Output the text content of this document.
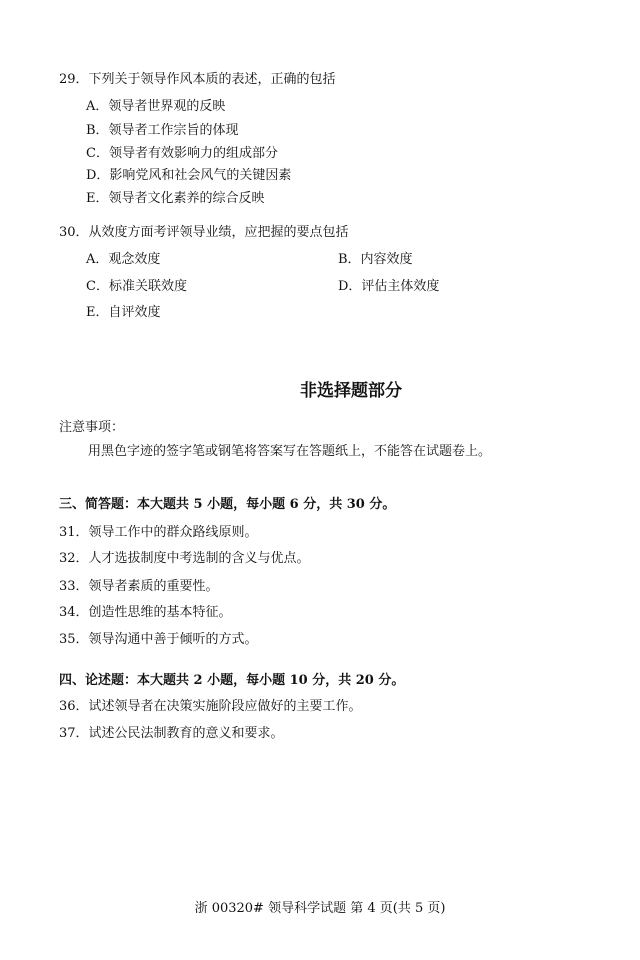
29．下列关于领导作风本质的表述，正确的包括
A．领导者世界观的反映
B．领导者工作宗旨的体现
C．领导者有效影响力的组成部分
D．影响党风和社会风气的关键因素
E．领导者文化素养的综合反映
30．从效度方面考评领导业绩，应把握的要点包括
A．观念效度	B．内容效度
C．标准关联效度	D．评估主体效度
E．自评效度
非选择题部分
注意事项：
用黑色字迹的签字笔或钢笔将答案写在答题纸上，不能答在试题卷上。
三、简答题：本大题共 5 小题，每小题 6 分，共 30 分。
31．领导工作中的群众路线原则。
32．人才选拔制度中考选制的含义与优点。
33．领导者素质的重要性。
34．创造性思维的基本特征。
35．领导沟通中善于倾听的方式。
四、论述题：本大题共 2 小题，每小题 10 分，共 20 分。
36．试述领导者在决策实施阶段应做好的主要工作。
37．试述公民法制教育的意义和要求。
浙 00320# 领导科学试题 第 4 页(共 5 页)
